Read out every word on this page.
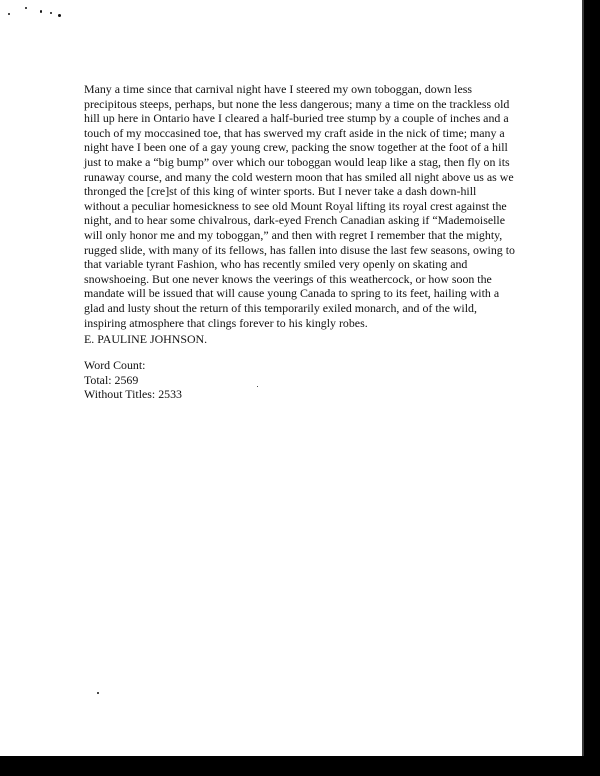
Many a time since that carnival night have I steered my own toboggan, down less
precipitous steeps, perhaps, but none the less dangerous; many a time on the trackless old
hill up here in Ontario have I cleared a half-buried tree stump by a couple of inches and a
touch of my moccasined toe, that has swerved my craft aside in the nick of time; many a
night have I been one of a gay young crew, packing the snow together at the foot of a hill
just to make a “big bump” over which our toboggan would leap like a stag, then fly on its
runaway course, and many the cold western moon that has smiled all night above us as we
thronged the [cre]st of this king of winter sports. But I never take a dash down-hill
without a peculiar homesickness to see old Mount Royal lifting its royal crest against the
night, and to hear some chivalrous, dark-eyed French Canadian asking if “Mademoiselle
will only honor me and my toboggan,” and then with regret I remember that the mighty,
rugged slide, with many of its fellows, has fallen into disuse the last few seasons, owing to
that variable tyrant Fashion, who has recently smiled very openly on skating and
snowshoeing. But one never knows the veerings of this weathercock, or how soon the
mandate will be issued that will cause young Canada to spring to its feet, hailing with a
glad and lusty shout the return of this temporarily exiled monarch, and of the wild,
inspiring atmosphere that clings forever to his kingly robes.

E. PAULINE JOHNSON.

Word Count:
Total: 2569
Without Titles: 2533
